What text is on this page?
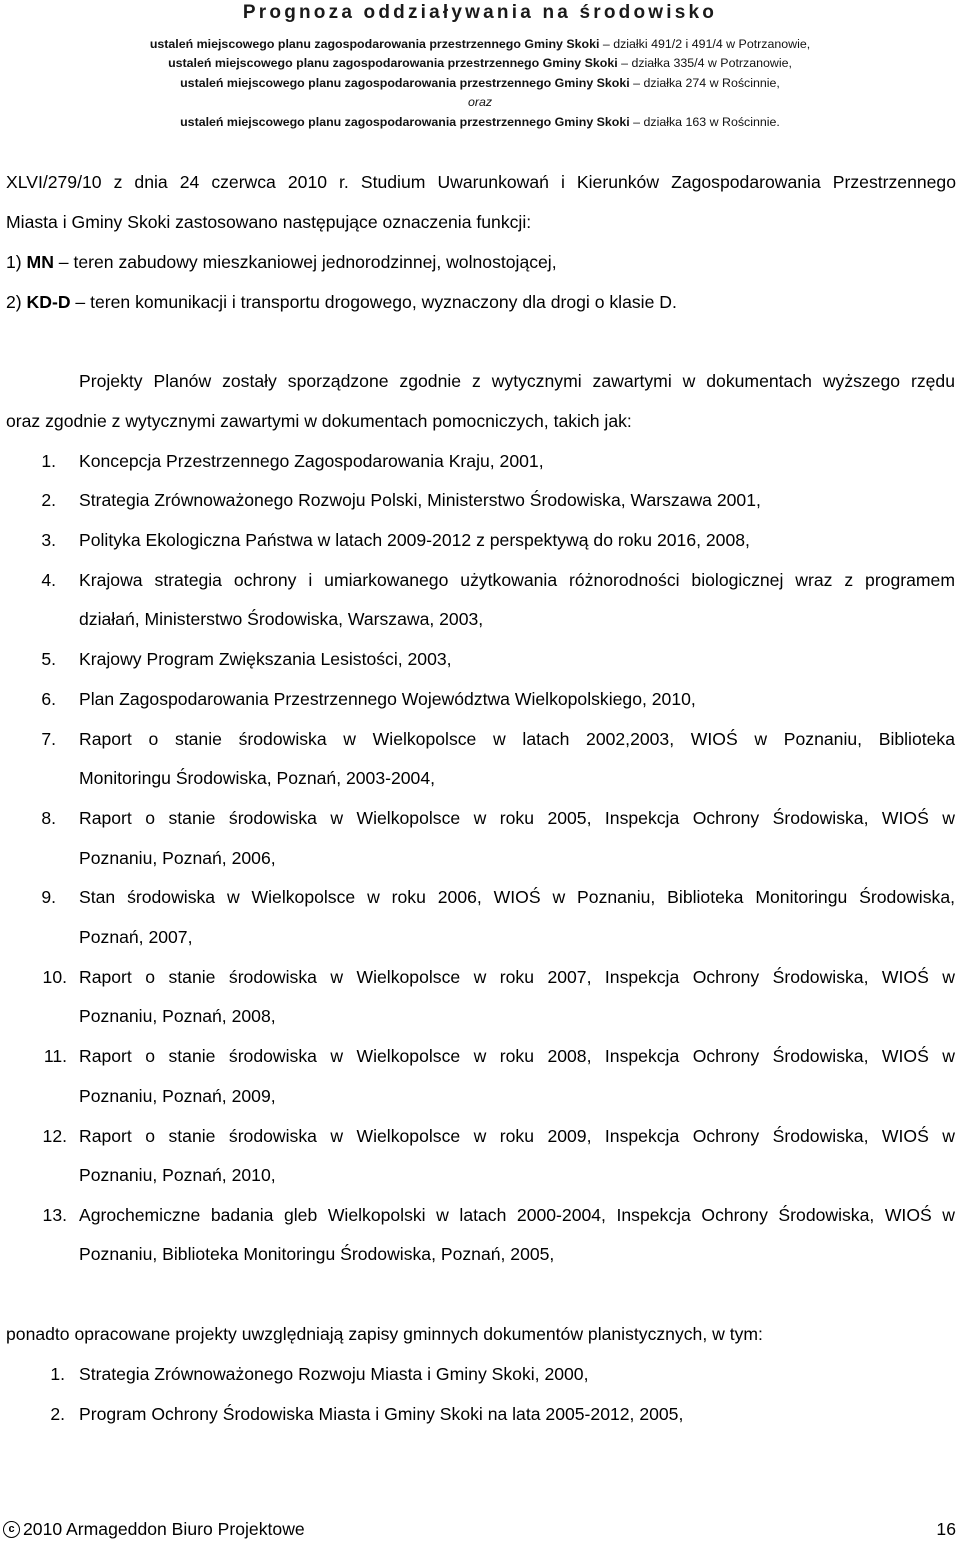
Prognoza oddziaływania na środowisko
ustaleń miejscowego planu zagospodarowania przestrzennego Gminy Skoki – działki 491/2 i 491/4 w Potrzanowie,
ustaleń miejscowego planu zagospodarowania przestrzennego Gminy Skoki – działka 335/4 w Potrzanowie,
ustaleń miejscowego planu zagospodarowania przestrzennego Gminy Skoki – działka 274 w Rościnnie,
oraz
ustaleń miejscowego planu zagospodarowania przestrzennego Gminy Skoki – działka 163 w Rościnnie.
XLVI/279/10 z dnia 24 czerwca 2010 r. Studium Uwarunkowań i Kierunków Zagospodarowania Przestrzennego
Miasta i Gminy Skoki zastosowano następujące oznaczenia funkcji:
1) MN – teren zabudowy mieszkaniowej jednorodzinnej, wolnostojącej,
2) KD-D – teren komunikacji i transportu drogowego, wyznaczony dla drogi o klasie D.
Projekty Planów zostały sporządzone zgodnie z wytycznymi zawartymi w dokumentach wyższego rzędu
oraz zgodnie z wytycznymi zawartymi w dokumentach pomocniczych, takich jak:
1. Koncepcja Przestrzennego Zagospodarowania Kraju, 2001,
2. Strategia Zrównoważonego Rozwoju Polski, Ministerstwo Środowiska, Warszawa 2001,
3. Polityka Ekologiczna Państwa w latach 2009-2012 z perspektywą do roku 2016, 2008,
4. Krajowa strategia ochrony i umiarkowanego użytkowania różnorodności biologicznej wraz z programem
działań, Ministerstwo Środowiska, Warszawa, 2003,
5. Krajowy Program Zwiększania Lesistości, 2003,
6. Plan Zagospodarowania Przestrzennego Województwa Wielkopolskiego, 2010,
7. Raport o stanie środowiska w Wielkopolsce w latach 2002,2003, WIOŚ w Poznaniu, Biblioteka
Monitoringu Środowiska, Poznań, 2003-2004,
8. Raport o stanie środowiska w Wielkopolsce w roku 2005, Inspekcja Ochrony Środowiska, WIOŚ w
Poznaniu, Poznań, 2006,
9. Stan środowiska w Wielkopolsce w roku 2006, WIOŚ w Poznaniu, Biblioteka Monitoringu Środowiska,
Poznań, 2007,
10. Raport o stanie środowiska w Wielkopolsce w roku 2007, Inspekcja Ochrony Środowiska, WIOŚ w
Poznaniu, Poznań, 2008,
11. Raport o stanie środowiska w Wielkopolsce w roku 2008, Inspekcja Ochrony Środowiska, WIOŚ w
Poznaniu, Poznań, 2009,
12. Raport o stanie środowiska w Wielkopolsce w roku 2009, Inspekcja Ochrony Środowiska, WIOŚ w
Poznaniu, Poznań, 2010,
13. Agrochemiczne badania gleb Wielkopolski w latach 2000-2004, Inspekcja Ochrony Środowiska, WIOŚ w
Poznaniu, Biblioteka Monitoringu Środowiska, Poznań, 2005,
ponadto opracowane projekty uwzględniają zapisy gminnych dokumentów planistycznych, w tym:
1. Strategia Zrównoważonego Rozwoju Miasta i Gminy Skoki, 2000,
2. Program Ochrony Środowiska Miasta i Gminy Skoki na lata 2005-2012, 2005,
c 2010 Armageddon Biuro Projektowe	16
